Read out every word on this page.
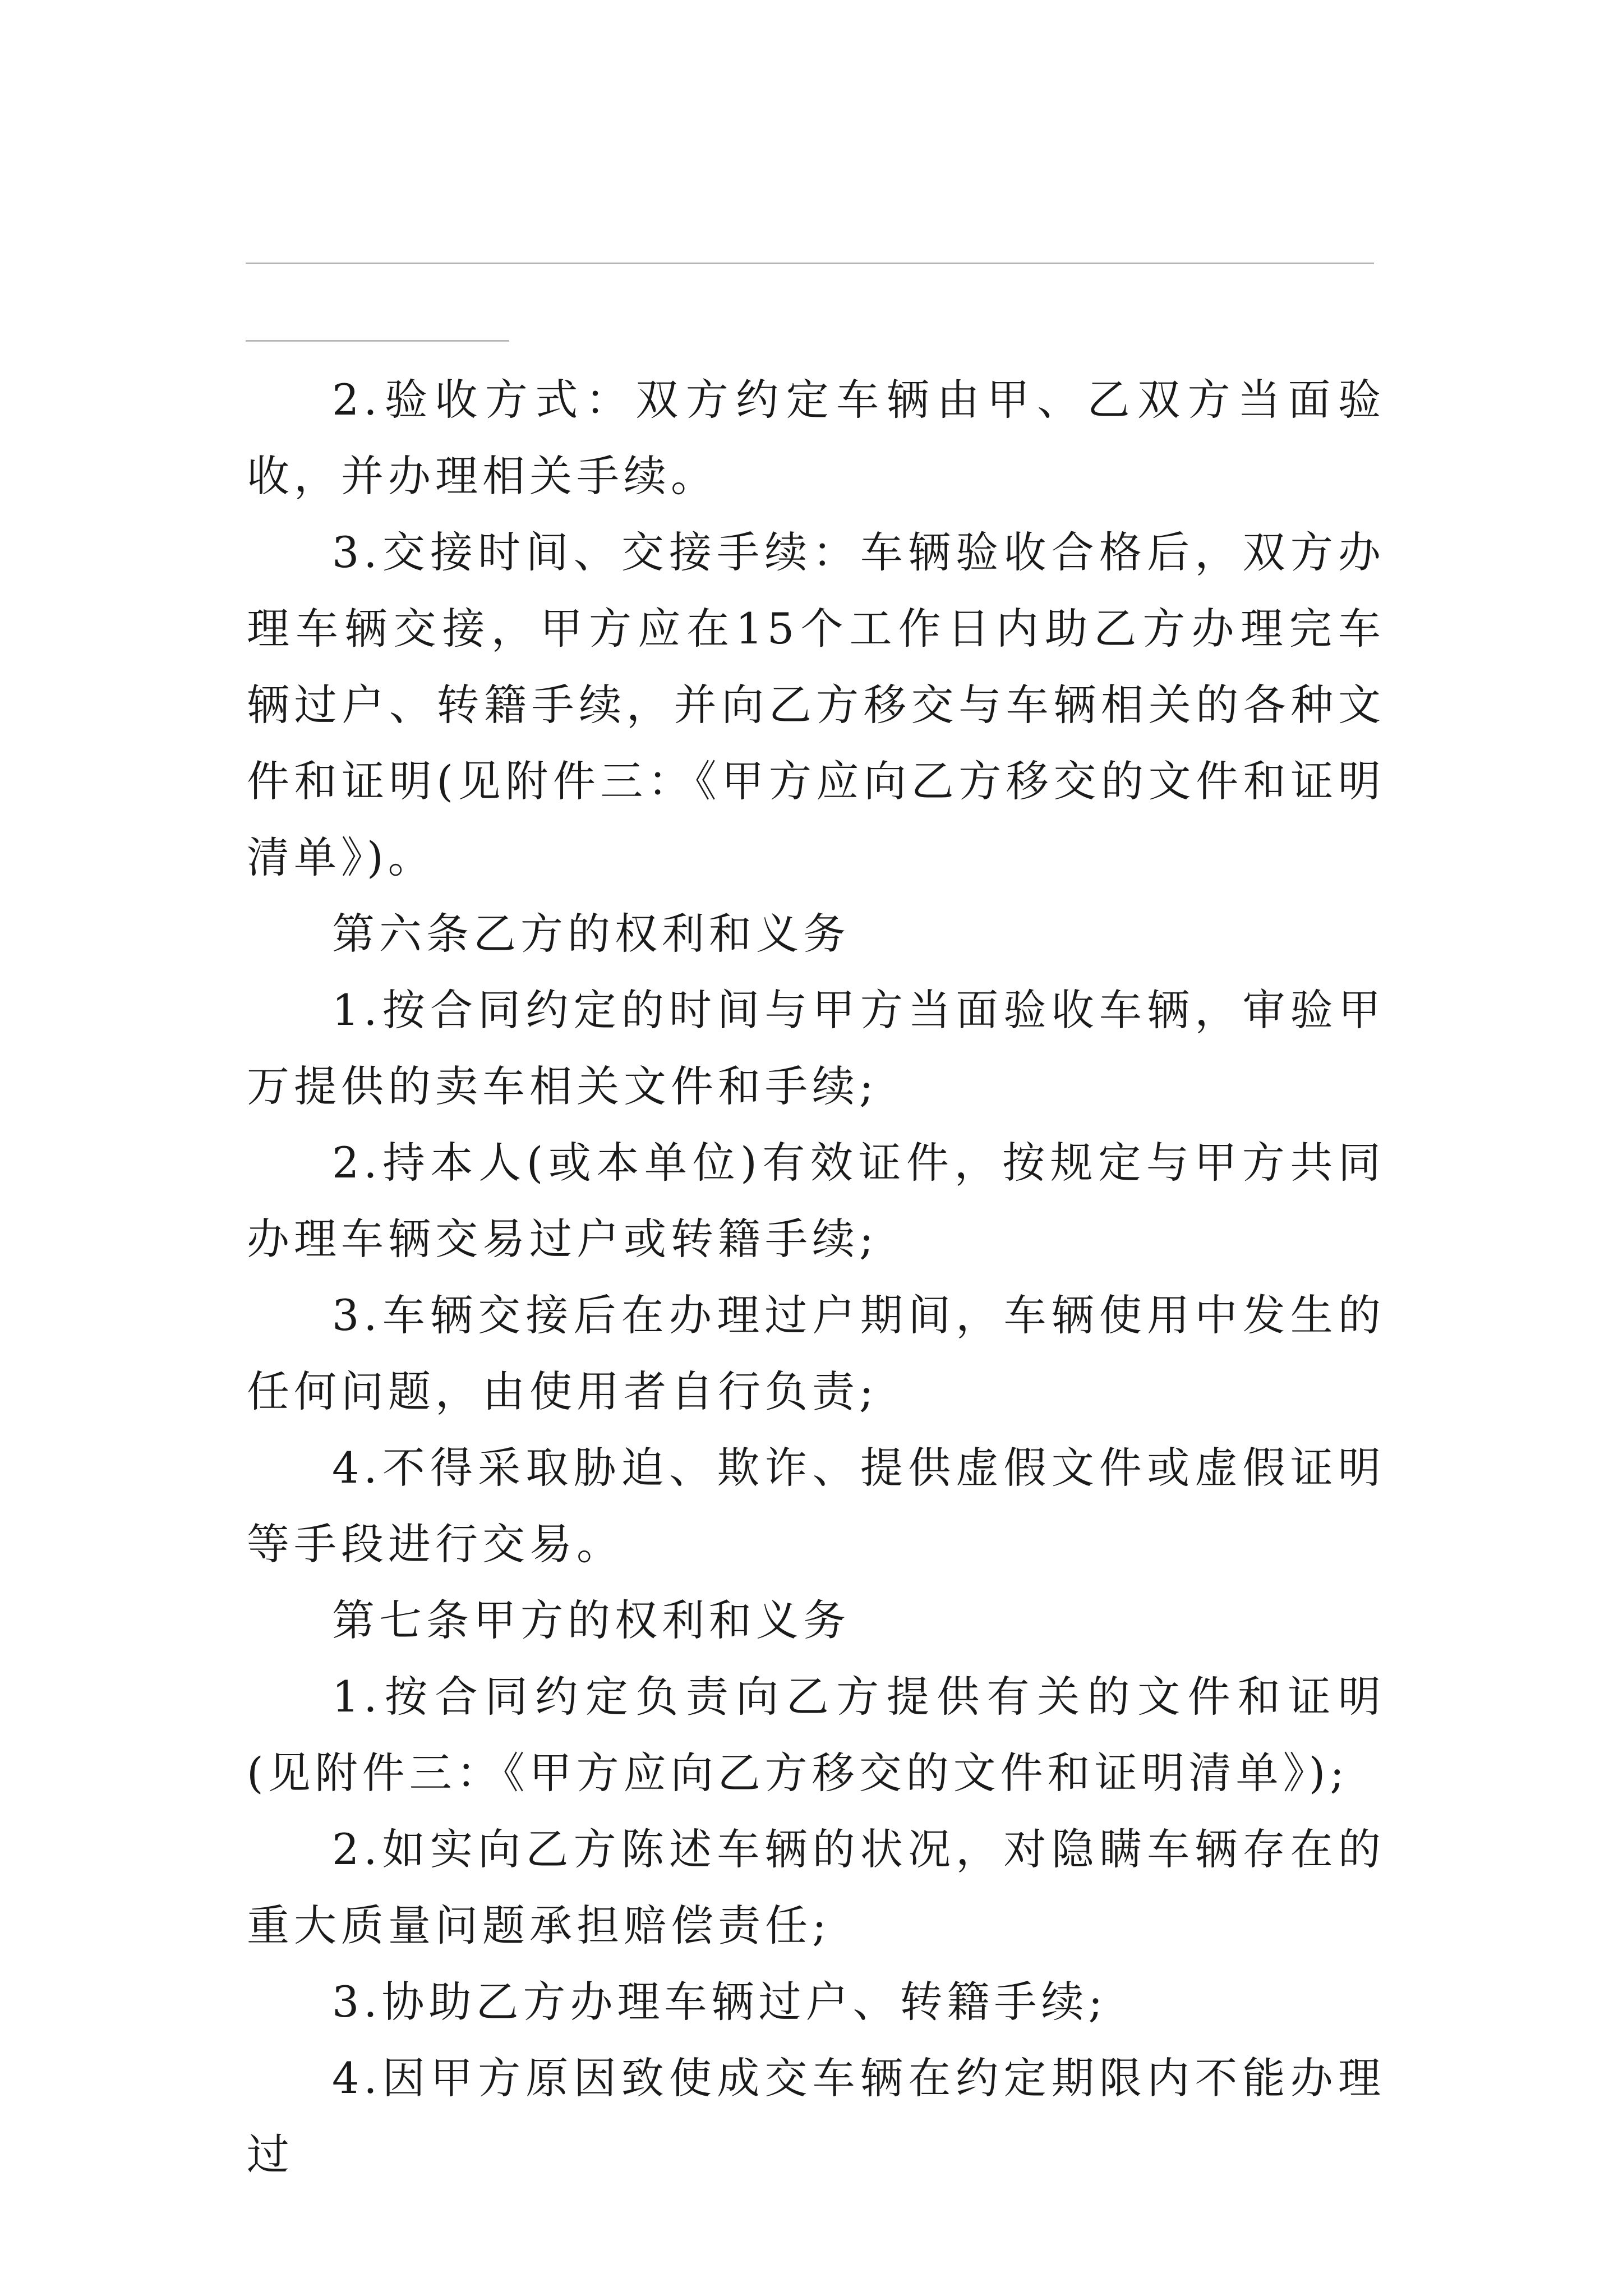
2.验收方式：双方约定车辆由甲、乙双方当面验收，并办理相关手续。

3.交接时间、交接手续：车辆验收合格后，双方办理车辆交接，甲方应在15个工作日内助乙方办理完车辆过户、转籍手续，并向乙方移交与车辆相关的各种文件和证明(见附件三：《甲方应向乙方移交的文件和证明清单》)。

第六条乙方的权利和义务

1.按合同约定的时间与甲方当面验收车辆，审验甲万提供的卖车相关文件和手续;

2.持本人(或本单位)有效证件，按规定与甲方共同办理车辆交易过户或转籍手续;

3.车辆交接后在办理过户期间，车辆使用中发生的任何问题，由使用者自行负责;

4.不得采取胁迫、欺诈、提供虚假文件或虚假证明等手段进行交易。

第七条甲方的权利和义务

1.按合同约定负责向乙方提供有关的文件和证明(见附件三：《甲方应向乙方移交的文件和证明清单》);

2.如实向乙方陈述车辆的状况，对隐瞒车辆存在的重大质量问题承担赔偿责任;

3.协助乙方办理车辆过户、转籍手续;

4.因甲方原因致使成交车辆在约定期限内不能办理过
